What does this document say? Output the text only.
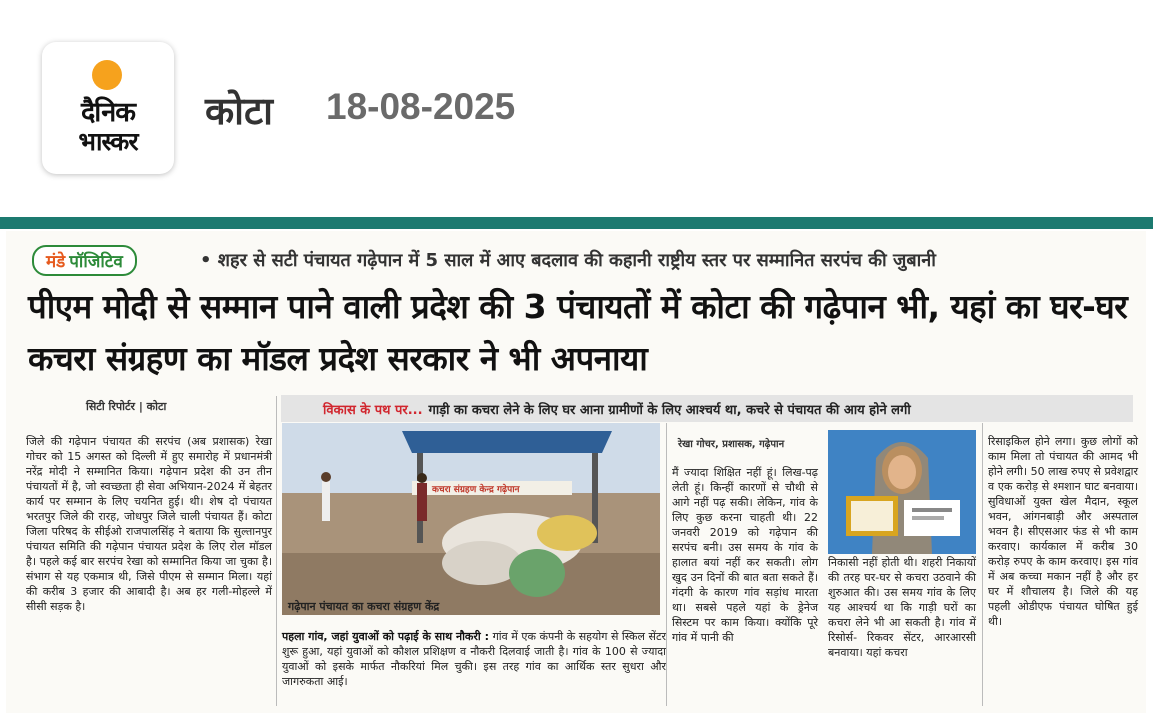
दैनिक
भास्कर
कोटा 18-08-2025
मंडे पॉजिटिव	• शहर से सटी पंचायत गढ़ेपान में 5 साल में आए बदलाव की कहानी राष्ट्रीय स्तर पर सम्मानित सरपंच की जुबानी
पीएम मोदी से सम्मान पाने वाली प्रदेश की 3 पंचायतों में कोटा की गढ़ेपान भी, यहां का घर-घर कचरा संग्रहण का मॉडल प्रदेश सरकार ने भी अपनाया
सिटी रिपोर्टर | कोटा
जिले की गढ़ेपान पंचायत की सरपंच (अब प्रशासक) रेखा गोचर को 15 अगस्त को दिल्ली में हुए समारोह में प्रधानमंत्री नरेंद्र मोदी ने सम्मानित किया। गढ़ेपान प्रदेश की उन तीन पंचायतों में है, जो स्वच्छता ही सेवा अभियान-2024 में बेहतर कार्य पर सम्मान के लिए चयनित हुई। थी। शेष दो पंचायत भरतपुर जिले की रारह, जोधपुर जिले चाली पंचायत हैं। कोटा जिला परिषद के सीईओ राजपालसिंह ने बताया कि सुल्तानपुर पंचायत समिति की गढ़ेपान पंचायत प्रदेश के लिए रोल मॉडल है। पहले कई बार सरपंच रेखा को सम्मानित किया जा चुका है। संभाग से यह एकमात्र थी, जिसे पीएम से सम्मान मिला। यहां की करीब 3 हजार की आबादी है। अब हर गली-मोहल्ले में सीसी सड़क है।
विकास के पथ पर... गाड़ी का कचरा लेने के लिए घर आना ग्रामीणों के लिए आश्चर्य था, कचरे से पंचायत की आय होने लगी
कचरा संग्रहण केन्द्र गढ़ेपान
गढ़ेपान पंचायत का कचरा संग्रहण केंद्र
पहला गांव, जहां युवाओं को पढ़ाई के साथ नौकरी : गांव में एक कंपनी के सहयोग से स्किल सेंटर शुरू हुआ, यहां युवाओं को कौशल प्रशिक्षण व नौकरी दिलवाई जाती है। गांव के 100 से ज्यादा युवाओं को इसके मार्फत नौकरियां मिल चुकी। इस तरह गांव का आर्थिक स्तर सुधरा और जागरुकता आई।
रेखा गोचर, प्रशासक, गढ़ेपान
मैं ज्यादा शिक्षित नहीं हूं। लिख-पढ़ लेती हूं। किन्हीं कारणों से चौथी से आगे नहीं पढ़ सकी। लेकिन, गांव के लिए कुछ करना चाहती थी। 22 जनवरी 2019 को गढ़ेपान की सरपंच बनी। उस समय के गांव के हालात बयां नहीं कर सकती। लोग खुद उन दिनों की बात बता सकते हैं। गंदगी के कारण गांव सड़ांध मारता था। सबसे पहले यहां के ड्रेनेज सिस्टम पर काम किया। क्योंकि पूरे गांव में पानी की
निकासी नहीं होती थी। शहरी निकायों की तरह घर-घर से कचरा उठवाने की शुरुआत की। उस समय गांव के लिए यह आश्चर्य था कि गाड़ी घरों का कचरा लेने भी आ सकती है। गांव में रिसोर्स- रिकवर सेंटर, आरआरसी बनवाया। यहां कचरा
रिसाइकिल होने लगा। कुछ लोगों को काम मिला तो पंचायत की आमद भी होने लगी। 50 लाख रुपए से प्रवेशद्वार व एक करोड़ से श्मशान घाट बनवाया। सुविधाओं युक्त खेल मैदान, स्कूल भवन, आंगनबाड़ी और अस्पताल भवन है। सीएसआर फंड से भी काम करवाए। कार्यकाल में करीब 30 करोड़ रुपए के काम करवाए। इस गांव में अब कच्चा मकान नहीं है और हर घर में शौचालय है। जिले की यह पहली ओडीएफ पंचायत घोषित हुई थी।
